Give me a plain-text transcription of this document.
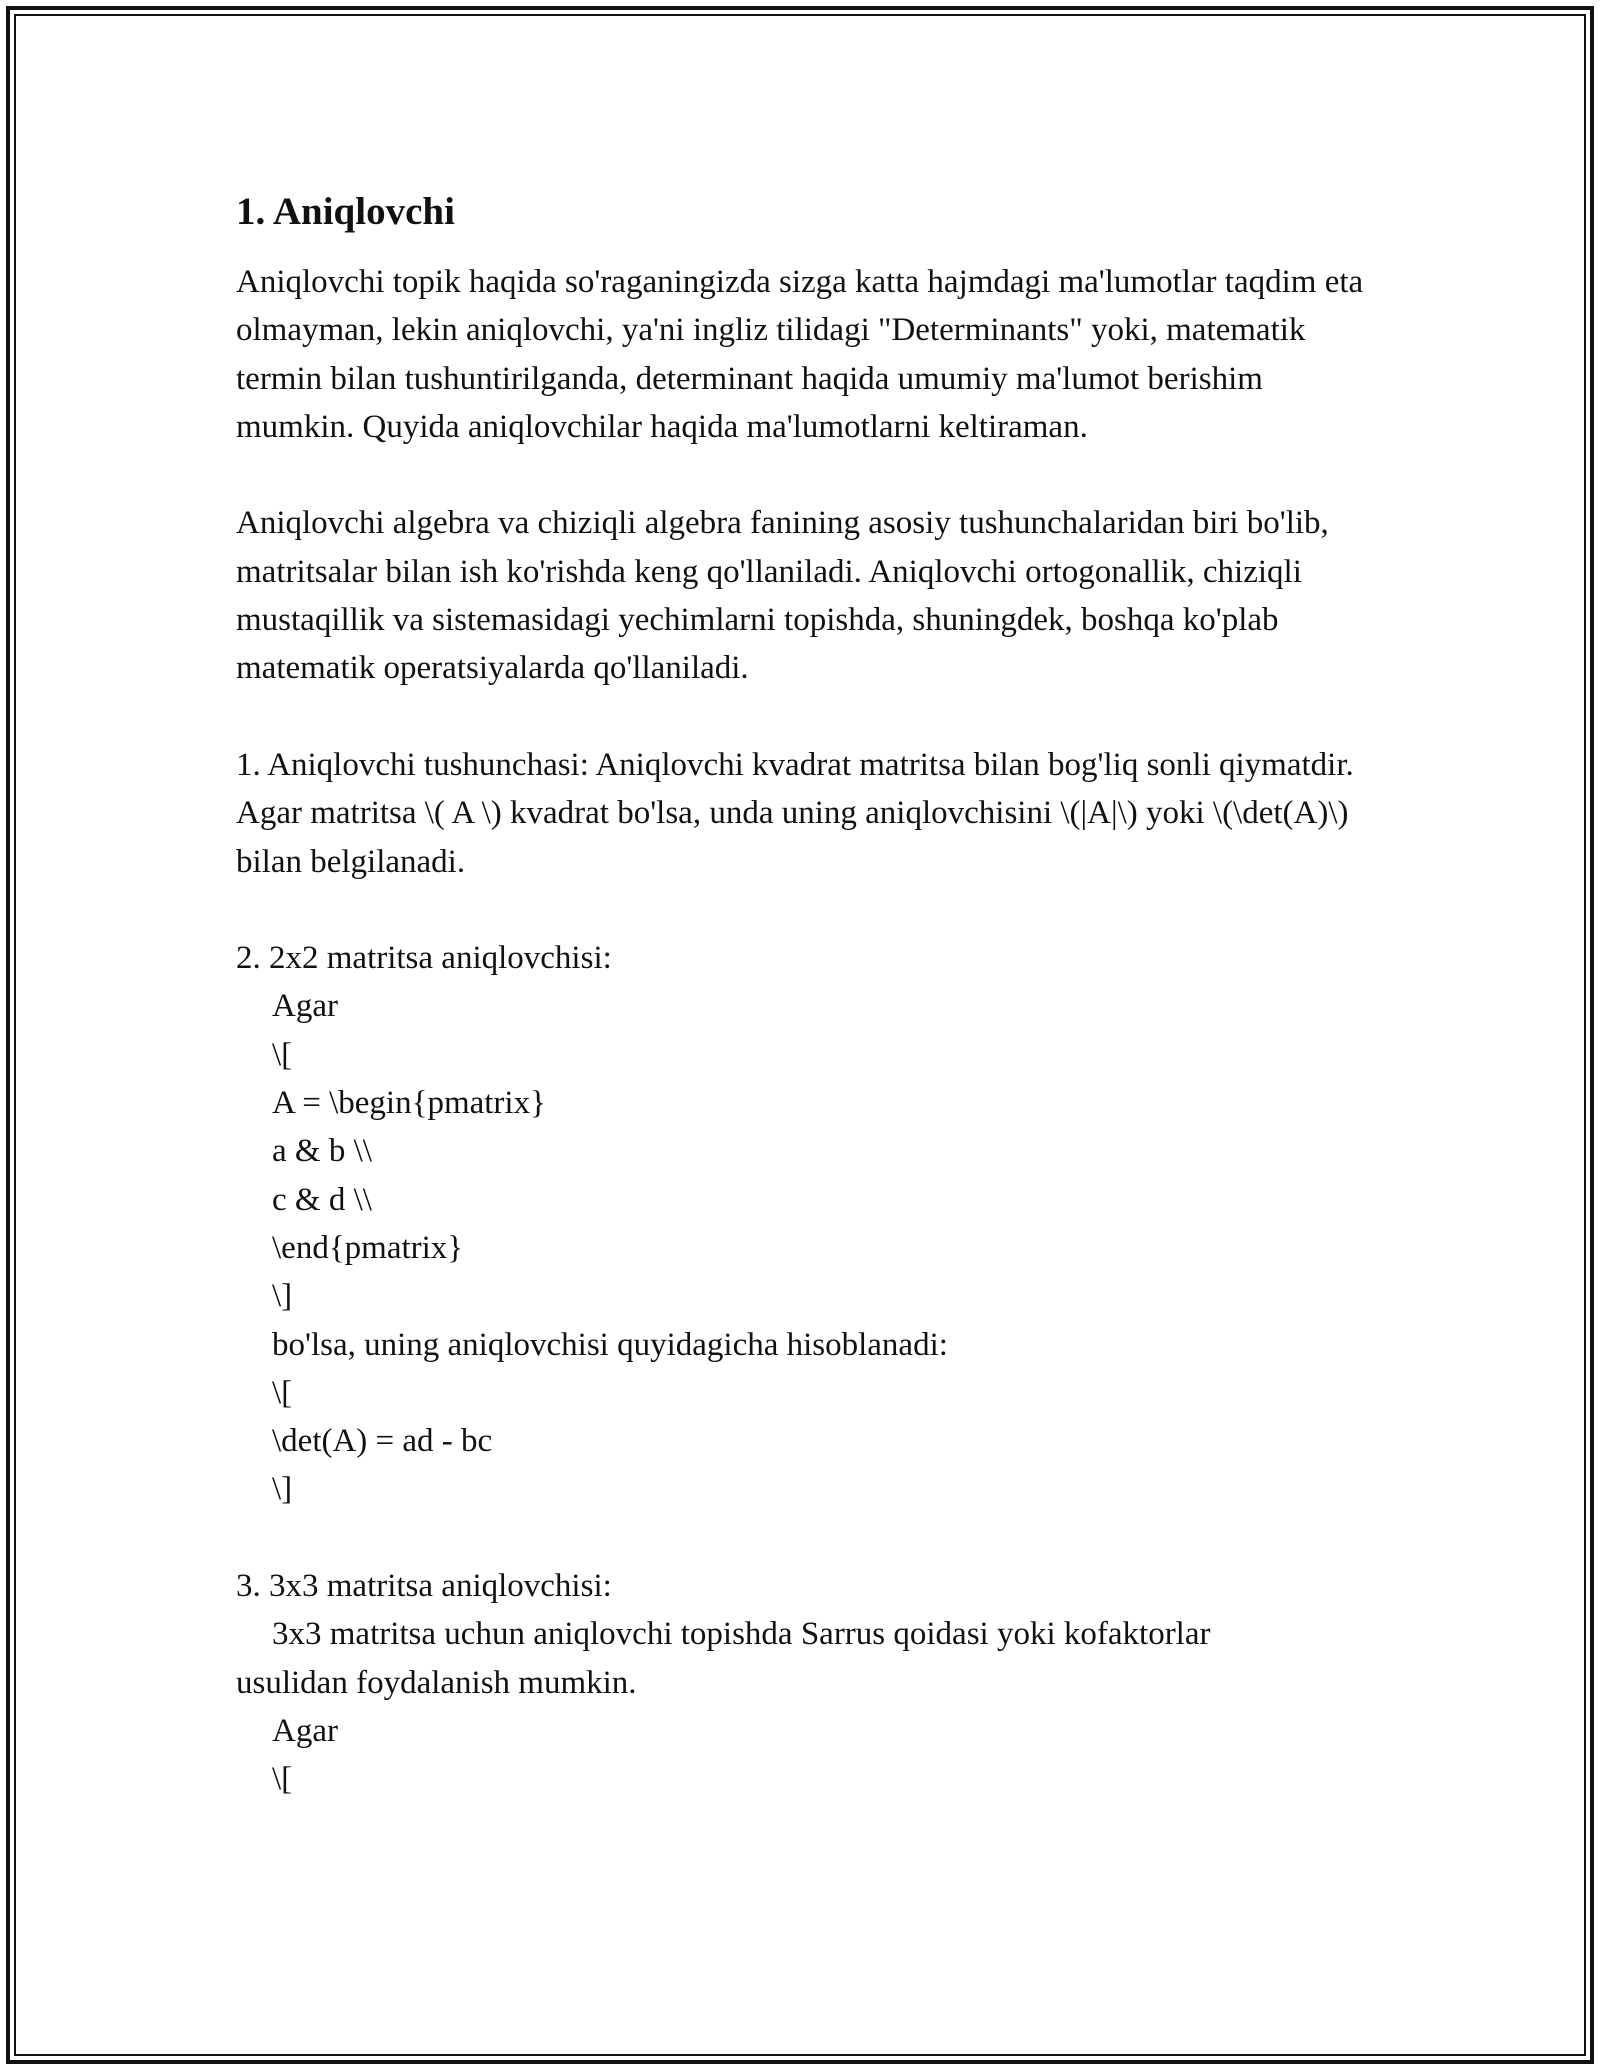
1. Aniqlovchi

Aniqlovchi topik haqida so'raganingizda sizga katta hajmdagi ma'lumotlar taqdim eta olmayman, lekin aniqlovchi, ya'ni ingliz tilidagi "Determinants" yoki, matematik termin bilan tushuntirilganda, determinant haqida umumiy ma'lumot berishim mumkin. Quyida aniqlovchilar haqida ma'lumotlarni keltiraman.

Aniqlovchi algebra va chiziqli algebra fanining asosiy tushunchalaridan biri bo'lib, matritsalar bilan ish ko'rishda keng qo'llaniladi. Aniqlovchi ortogonallik, chiziqli mustaqillik va sistemasidagi yechimlarni topishda, shuningdek, boshqa ko'plab matematik operatsiyalarda qo'llaniladi.

1. Aniqlovchi tushunchasi: Aniqlovchi kvadrat matritsa bilan bog'liq sonli qiymatdir. Agar matritsa \( A \) kvadrat bo'lsa, unda uning aniqlovchisini \(|A|\) yoki \(\det(A)\) bilan belgilanadi.

2. 2x2 matritsa aniqlovchisi:

Agar

\[

A = \begin{pmatrix}

a & b \\

c & d \\

\end{pmatrix}

\]

bo'lsa, uning aniqlovchisi quyidagicha hisoblanadi:

\[

\det(A) = ad - bc

\]

3. 3x3 matritsa aniqlovchisi:

3x3 matritsa uchun aniqlovchi topishda Sarrus qoidasi yoki kofaktorlar

usulidan foydalanish mumkin.

Agar

\[
